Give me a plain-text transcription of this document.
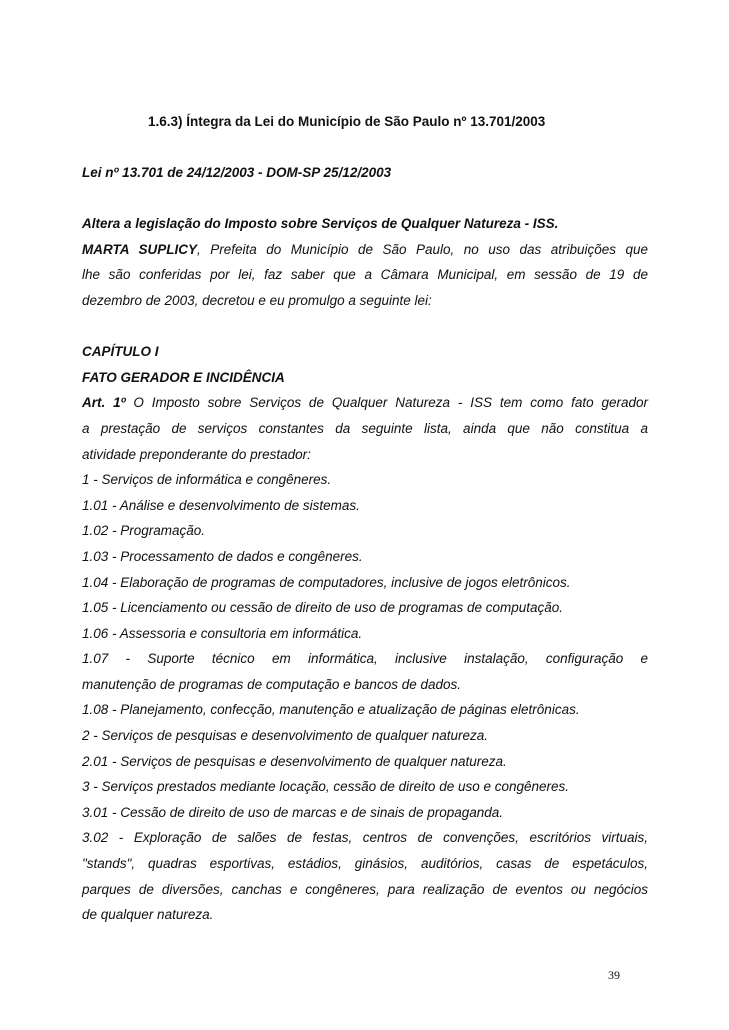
1.6.3) Íntegra da Lei do Município de São Paulo nº 13.701/2003

Lei nº 13.701 de 24/12/2003 - DOM-SP 25/12/2003

Altera a legislação do Imposto sobre Serviços de Qualquer Natureza - ISS.
MARTA SUPLICY, Prefeita do Município de São Paulo, no uso das atribuições que
lhe são conferidas por lei, faz saber que a Câmara Municipal, em sessão de 19 de
dezembro de 2003, decretou e eu promulgo a seguinte lei:

CAPÍTULO I
FATO GERADOR E INCIDÊNCIA
Art. 1º O Imposto sobre Serviços de Qualquer Natureza - ISS tem como fato gerador
a prestação de serviços constantes da seguinte lista, ainda que não constitua a
atividade preponderante do prestador:
1 - Serviços de informática e congêneres.
1.01 - Análise e desenvolvimento de sistemas.
1.02 - Programação.
1.03 - Processamento de dados e congêneres.
1.04 - Elaboração de programas de computadores, inclusive de jogos eletrônicos.
1.05 - Licenciamento ou cessão de direito de uso de programas de computação.
1.06 - Assessoria e consultoria em informática.
1.07 - Suporte técnico em informática, inclusive instalação, configuração e
manutenção de programas de computação e bancos de dados.
1.08 - Planejamento, confecção, manutenção e atualização de páginas eletrônicas.
2 - Serviços de pesquisas e desenvolvimento de qualquer natureza.
2.01 - Serviços de pesquisas e desenvolvimento de qualquer natureza.
3 - Serviços prestados mediante locação, cessão de direito de uso e congêneres.
3.01 - Cessão de direito de uso de marcas e de sinais de propaganda.
3.02 - Exploração de salões de festas, centros de convenções, escritórios virtuais,
"stands", quadras esportivas, estádios, ginásios, auditórios, casas de espetáculos,
parques de diversões, canchas e congêneres, para realização de eventos ou negócios
de qualquer natureza.

39
